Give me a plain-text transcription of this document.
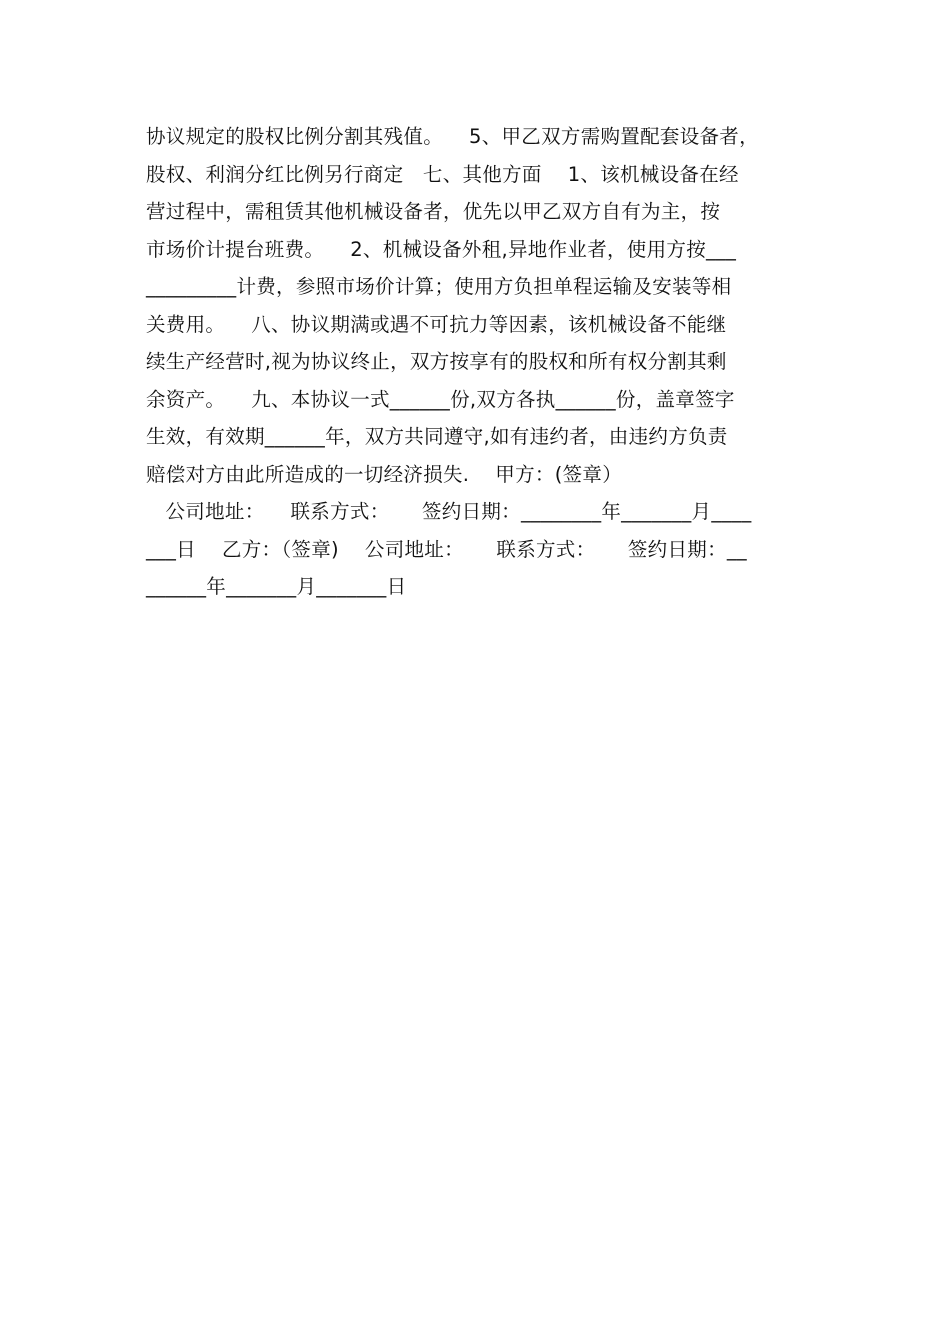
协议规定的股权比例分割其残值。    5、甲乙双方需购置配套设备者，
股权、利润分红比例另行商定   七、其他方面    1、该机械设备在经
营过程中，需租赁其他机械设备者，优先以甲乙双方自有为主，按
市场价计提台班费。    2、机械设备外租,异地作业者，使用方按___
_________计费，参照市场价计算；使用方负担单程运输及安装等相
关费用。    八、协议期满或遇不可抗力等因素，该机械设备不能继
续生产经营时,视为协议终止，双方按享有的股权和所有权分割其剩
余资产。    九、本协议一式______份,双方各执______份，盖章签字
生效，有效期______年，双方共同遵守,如有违约者，由违约方负责
赔偿对方由此所造成的一切经济损失.    甲方：(签章）
公司地址：    联系方式：     签约日期：________年_______月____
___日    乙方：（签章)    公司地址：     联系方式：     签约日期：__
______年_______月_______日
